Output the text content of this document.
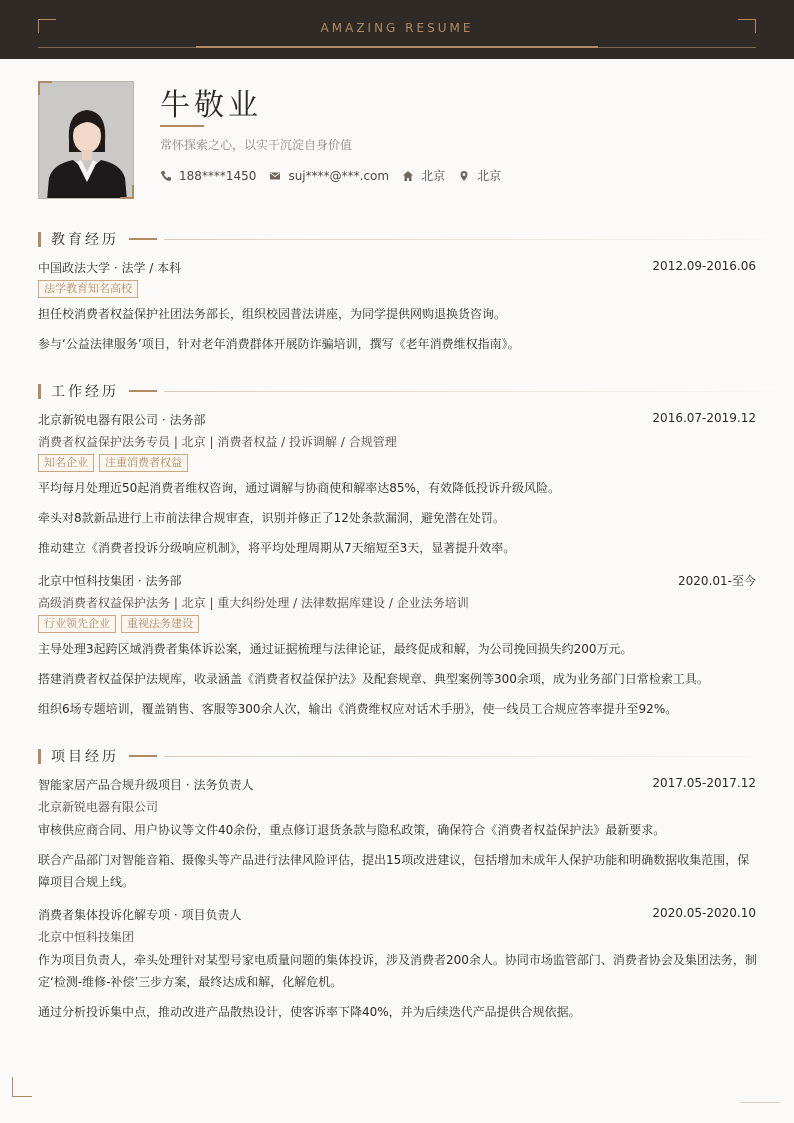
AMAZING RESUME
牛敬业
常怀探索之心，以实干沉淀自身价值
188****1450	suj****@***.com	北京	北京
教育经历
中国政法大学 · 法学 / 本科	2012.09-2016.06
法学教育知名高校
担任校消费者权益保护社团法务部长，组织校园普法讲座，为同学提供网购退换货咨询。
参与‘公益法律服务’项目，针对老年消费群体开展防诈骗培训，撰写《老年消费维权指南》。
工作经历
北京新锐电器有限公司 · 法务部	2016.07-2019.12
消费者权益保护法务专员 | 北京 | 消费者权益 / 投诉调解 / 合规管理
知名企业	注重消费者权益
平均每月处理近50起消费者维权咨询，通过调解与协商使和解率达85%，有效降低投诉升级风险。
牵头对8款新品进行上市前法律合规审查，识别并修正了12处条款漏洞，避免潜在处罚。
推动建立《消费者投诉分级响应机制》，将平均处理周期从7天缩短至3天，显著提升效率。
北京中恒科技集团 · 法务部	2020.01-至今
高级消费者权益保护法务 | 北京 | 重大纠纷处理 / 法律数据库建设 / 企业法务培训
行业领先企业	重视法务建设
主导处理3起跨区域消费者集体诉讼案，通过证据梳理与法律论证，最终促成和解，为公司挽回损失约200万元。
搭建消费者权益保护法规库，收录涵盖《消费者权益保护法》及配套规章、典型案例等300余项，成为业务部门日常检索工具。
组织6场专题培训，覆盖销售、客服等300余人次，输出《消费维权应对话术手册》，使一线员工合规应答率提升至92%。
项目经历
智能家居产品合规升级项目 · 法务负责人	2017.05-2017.12
北京新锐电器有限公司
审核供应商合同、用户协议等文件40余份，重点修订退货条款与隐私政策，确保符合《消费者权益保护法》最新要求。
联合产品部门对智能音箱、摄像头等产品进行法律风险评估，提出15项改进建议，包括增加未成年人保护功能和明确数据收集范围，保障项目合规上线。
消费者集体投诉化解专项 · 项目负责人	2020.05-2020.10
北京中恒科技集团
作为项目负责人，牵头处理针对某型号家电质量问题的集体投诉，涉及消费者200余人。协同市场监管部门、消费者协会及集团法务，制定‘检测-维修-补偿’三步方案，最终达成和解，化解危机。
通过分析投诉集中点，推动改进产品散热设计，使客诉率下降40%，并为后续迭代产品提供合规依据。
